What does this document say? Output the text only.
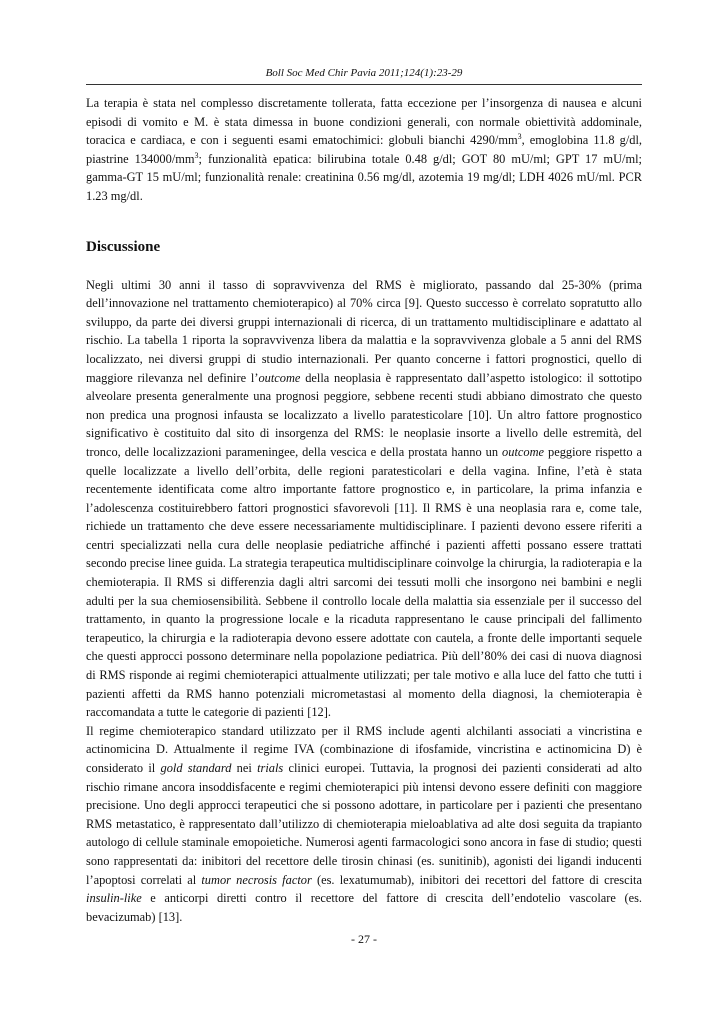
Boll Soc Med Chir Pavia 2011;124(1):23-29

La terapia è stata nel complesso discretamente tollerata, fatta eccezione per l’insorgenza di nausea e alcuni episodi di vomito e M. è stata dimessa in buone condizioni generali, con normale obiettività addominale, toracica e cardiaca, e con i seguenti esami ematochimici: globuli bianchi $4290/mm^3$, emoglobina 11.8 g/dl, piastrine $134000/mm^3$; funzionalità epatica: bilirubina totale 0.48 g/dl; GOT 80 mU/ml; GPT 17 mU/ml; gamma-GT 15 mU/ml; funzionalità renale: creatinina 0.56 mg/dl, azotemia 19 mg/dl; LDH 4026 mU/ml. PCR 1.23 mg/dl.

Discussione

Negli ultimi 30 anni il tasso di sopravvivenza del RMS è migliorato, passando dal 25-30% (prima dell’innovazione nel trattamento chemioterapico) al 70% circa [9]. Questo successo è correlato sopratutto allo sviluppo, da parte dei diversi gruppi internazionali di ricerca, di un trattamento multidisciplinare e adattato al rischio. La tabella 1 riporta la sopravvivenza libera da malattia e la sopravvivenza globale a 5 anni del RMS localizzato, nei diversi gruppi di studio internazionali. Per quanto concerne i fattori prognostici, quello di maggiore rilevanza nel definire l’outcome della neoplasia è rappresentato dall’aspetto istologico: il sottotipo alveolare presenta generalmente una prognosi peggiore, sebbene recenti studi abbiano dimostrato che questo non predica una prognosi infausta se localizzato a livello paratesticolare [10]. Un altro fattore prognostico significativo è costituito dal sito di insorgenza del RMS: le neoplasie insorte a livello delle estremità, del tronco, delle localizzazioni parameningee, della vescica e della prostata hanno un outcome peggiore rispetto a quelle localizzate a livello dell’orbita, delle regioni paratesticolari e della vagina. Infine, l’età è stata recentemente identificata come altro importante fattore prognostico e, in particolare, la prima infanzia e l’adolescenza costituirebbero fattori prognostici sfavorevoli [11]. Il RMS è una neoplasia rara e, come tale, richiede un trattamento che deve essere necessariamente multidisciplinare. I pazienti devono essere riferiti a centri specializzati nella cura delle neoplasie pediatriche affinché i pazienti affetti possano essere trattati secondo precise linee guida. La strategia terapeutica multidisciplinare coinvolge la chirurgia, la radioterapia e la chemioterapia. Il RMS si differenzia dagli altri sarcomi dei tessuti molli che insorgono nei bambini e negli adulti per la sua chemiosensibilità. Sebbene il controllo locale della malattia sia essenziale per il successo del trattamento, in quanto la progressione locale e la ricaduta rappresentano le cause principali del fallimento terapeutico, la chirurgia e la radioterapia devono essere adottate con cautela, a fronte delle importanti sequele che questi approcci possono determinare nella popolazione pediatrica. Più dell’80% dei casi di nuova diagnosi di RMS risponde ai regimi chemioterapici attualmente utilizzati; per tale motivo e alla luce del fatto che tutti i pazienti affetti da RMS hanno potenziali micrometastasi al momento della diagnosi, la chemioterapia è raccomandata a tutte le categorie di pazienti [12].

Il regime chemioterapico standard utilizzato per il RMS include agenti alchilanti associati a vincristina e actinomicina D. Attualmente il regime IVA (combinazione di ifosfamide, vincristina e actinomicina D) è considerato il gold standard nei trials clinici europei. Tuttavia, la prognosi dei pazienti considerati ad alto rischio rimane ancora insoddisfacente e regimi chemioterapici più intensi devono essere definiti con maggiore precisione. Uno degli approcci terapeutici che si possono adottare, in particolare per i pazienti che presentano RMS metastatico, è rappresentato dall’utilizzo di chemioterapia mieloablativa ad alte dosi seguita da trapianto autologo di cellule staminale emopoietiche. Numerosi agenti farmacologici sono ancora in fase di studio; questi sono rappresentati da: inibitori del recettore delle tirosin chinasi (es. sunitinib), agonisti dei ligandi inducenti l’apoptosi correlati al tumor necrosis factor (es. lexatumumab), inibitori dei recettori del fattore di crescita insulin-like e anticorpi diretti contro il recettore del fattore di crescita dell’endotelio vascolare (es. bevacizumab) [13].

- 27 -
